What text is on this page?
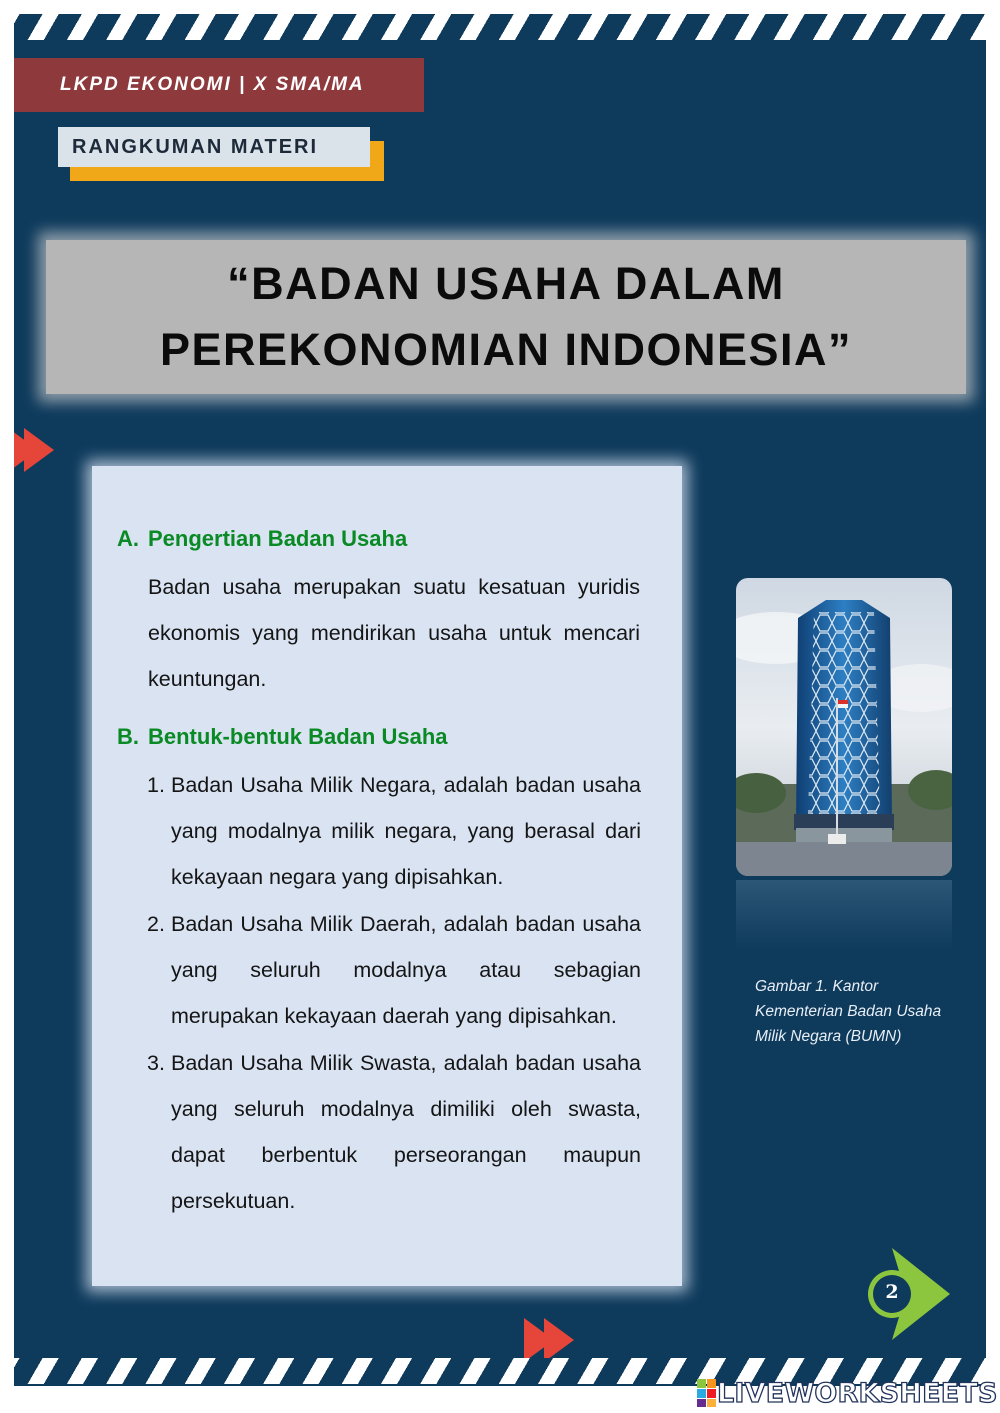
LKPD EKONOMI | X SMA/MA
RANGKUMAN MATERI
“BADAN USAHA DALAM
PEREKONOMIAN INDONESIA”
A. Pengertian Badan Usaha

Badan usaha merupakan suatu kesatuan yuridis ekonomis yang mendirikan usaha untuk mencari keuntungan.

B. Bentuk-bentuk Badan Usaha
1. Badan Usaha Milik Negara, adalah badan usaha yang modalnya milik negara, yang berasal dari kekayaan negara yang dipisahkan.

2. Badan Usaha Milik Daerah, adalah badan usaha yang seluruh modalnya atau sebagian merupakan kekayaan daerah yang dipisahkan.

3. Badan Usaha Milik Swasta, adalah badan usaha yang seluruh modalnya dimiliki oleh swasta, dapat berbentuk perseorangan maupun persekutuan.

Gambar 1. Kantor Kementerian Badan Usaha Milik Negara (BUMN)
2
LIVEWORKSHEETS
